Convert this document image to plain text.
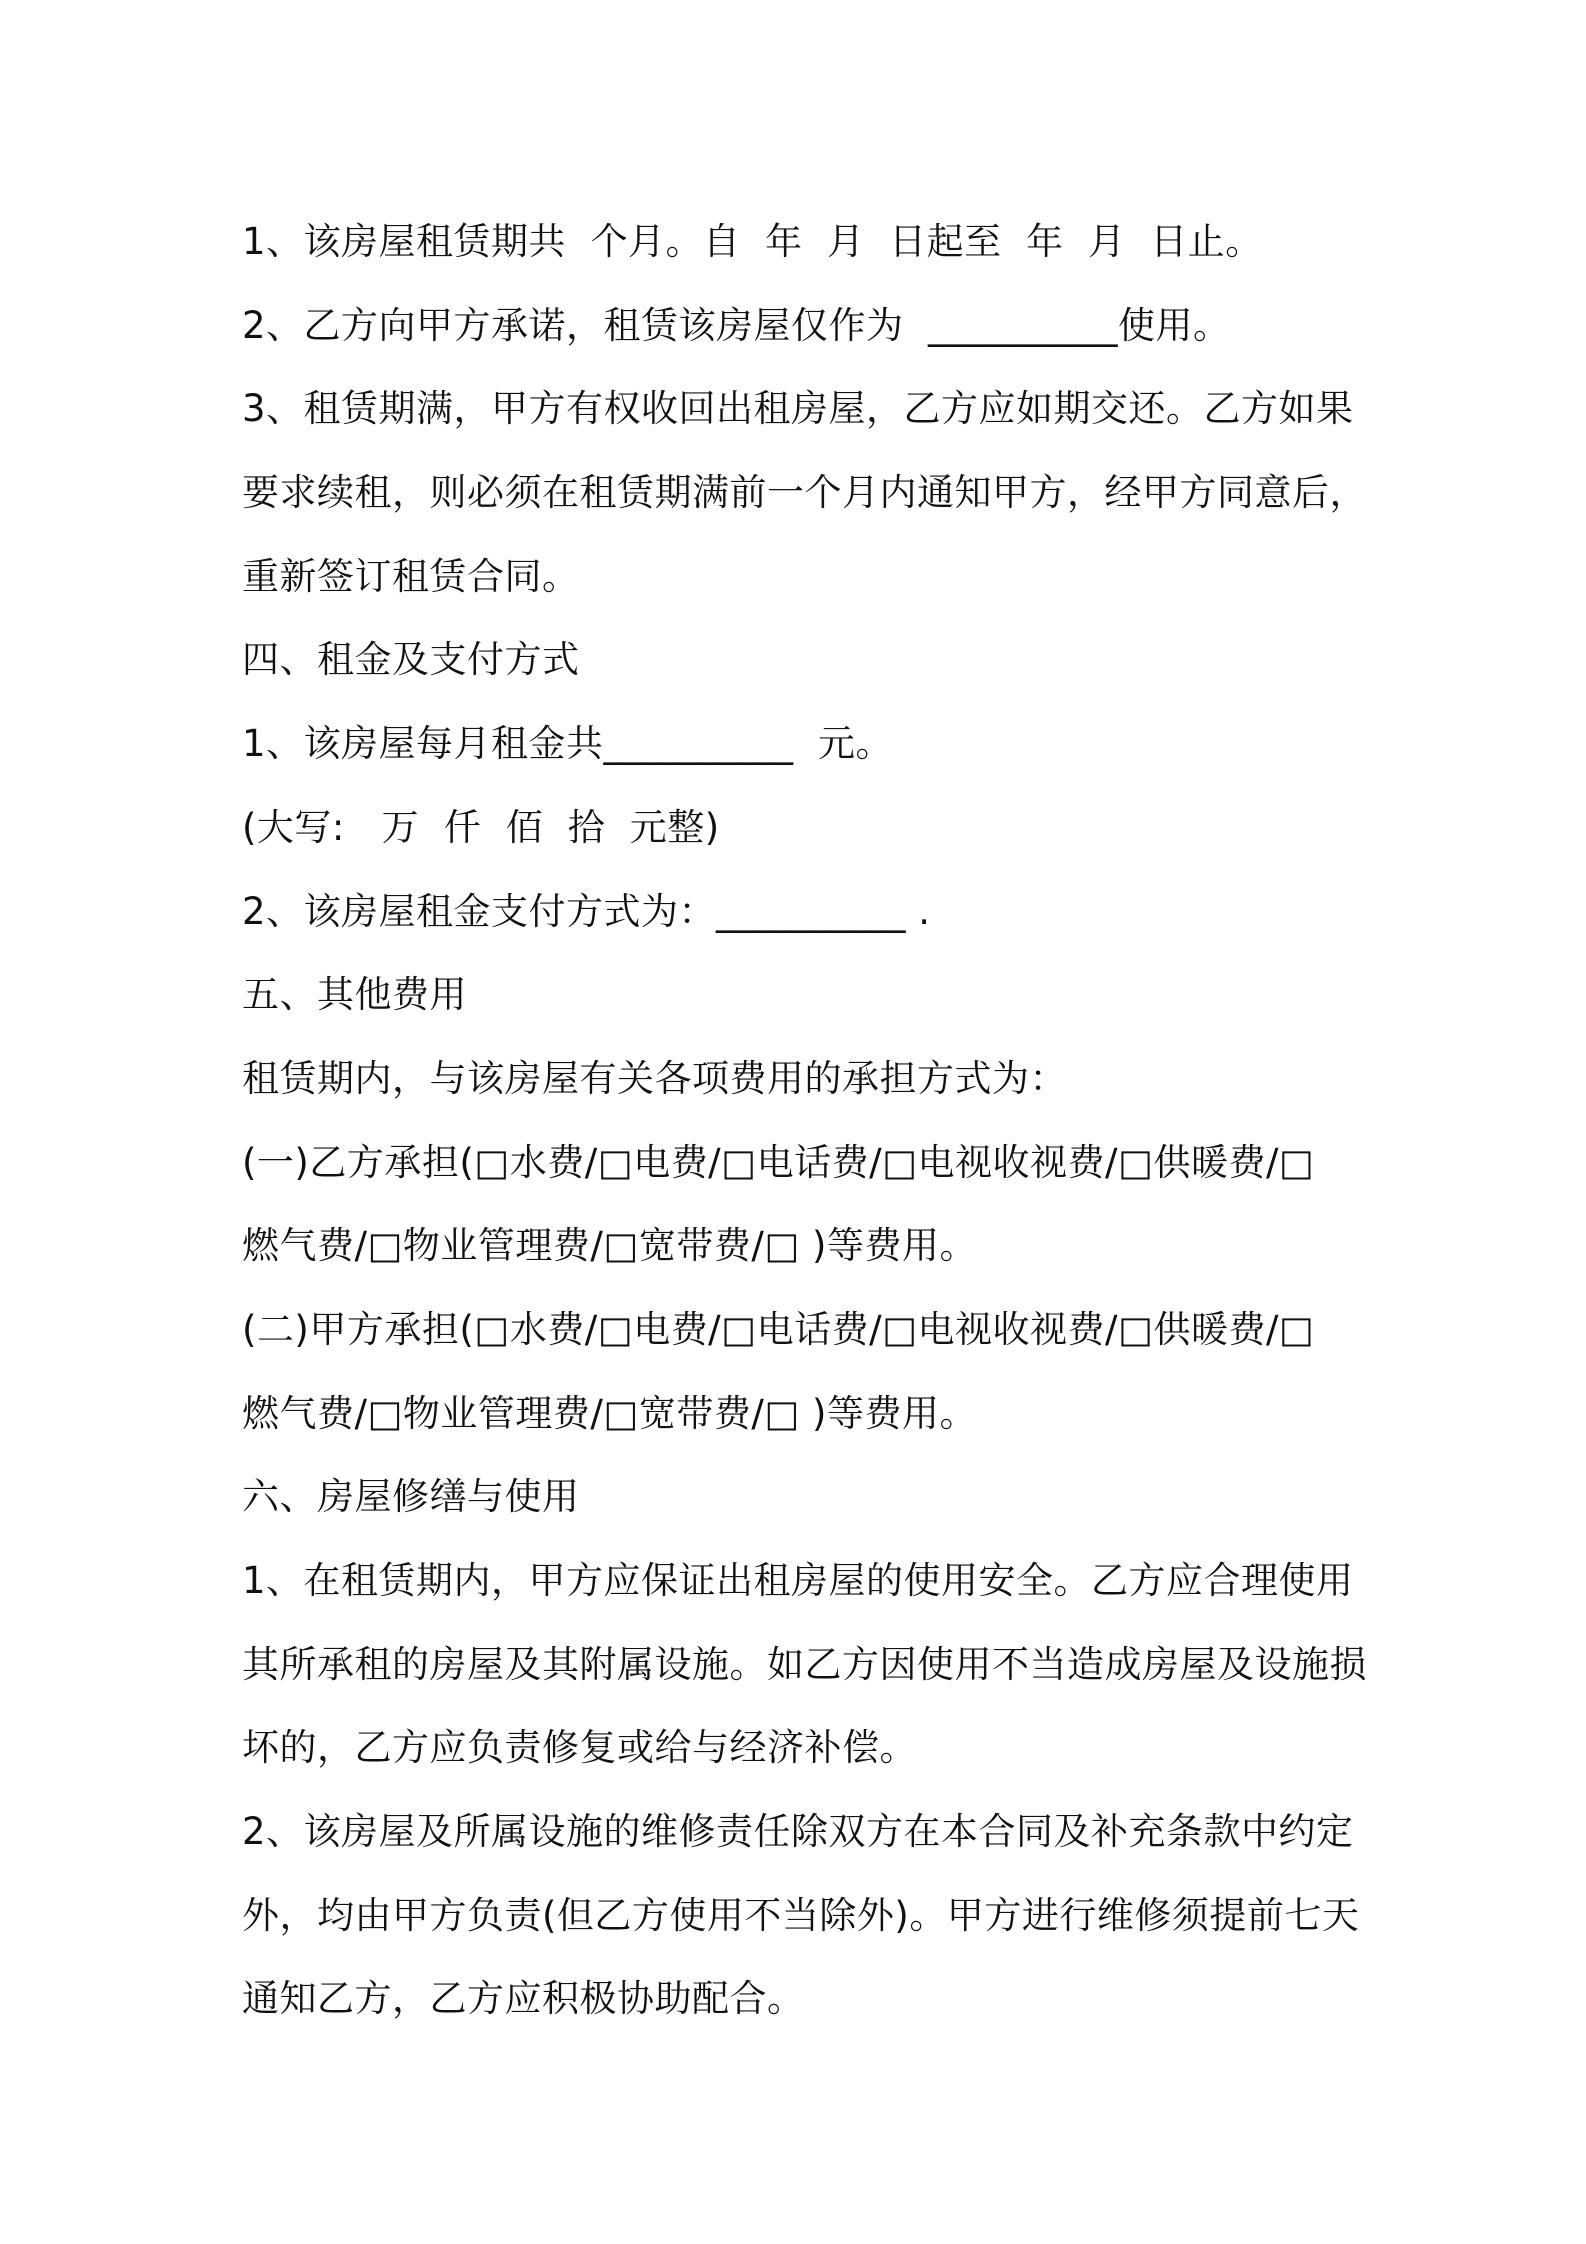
1、该房屋租赁期共  个月。自  年  月  日起至  年  月  日止。
2、乙方向甲方承诺，租赁该房屋仅作为  __________使用。
3、租赁期满，甲方有权收回出租房屋，乙方应如期交还。乙方如果
要求续租，则必须在租赁期满前一个月内通知甲方，经甲方同意后，
重新签订租赁合同。
四、租金及支付方式
1、该房屋每月租金共__________  元。
(大写:   万  仟  佰  拾  元整)
2、该房屋租金支付方式为：__________ .
五、其他费用
租赁期内，与该房屋有关各项费用的承担方式为：
(一)乙方承担(□水费/□电费/□电话费/□电视收视费/□供暖费/□
燃气费/□物业管理费/□宽带费/□ )等费用。
(二)甲方承担(□水费/□电费/□电话费/□电视收视费/□供暖费/□
燃气费/□物业管理费/□宽带费/□ )等费用。
六、房屋修缮与使用
1、在租赁期内，甲方应保证出租房屋的使用安全。乙方应合理使用
其所承租的房屋及其附属设施。如乙方因使用不当造成房屋及设施损
坏的，乙方应负责修复或给与经济补偿。
2、该房屋及所属设施的维修责任除双方在本合同及补充条款中约定
外，均由甲方负责(但乙方使用不当除外)。甲方进行维修须提前七天
通知乙方，乙方应积极协助配合。
